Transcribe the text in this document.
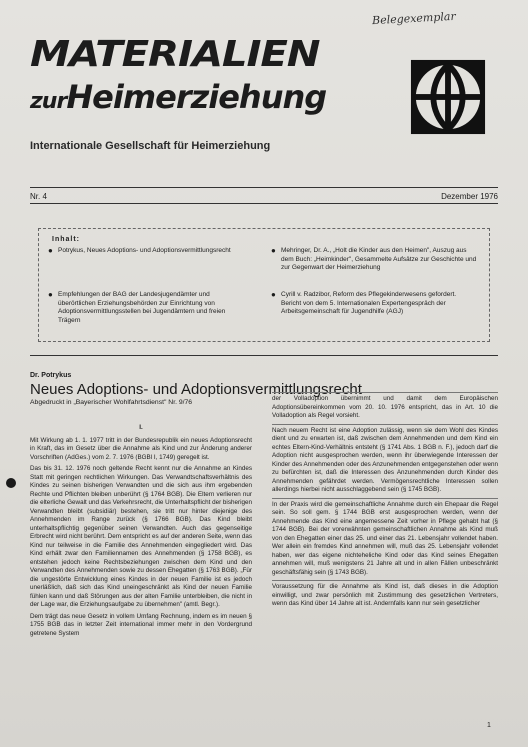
Belegexemplar
MATERIALIEN
zurHeimerziehung
Internationale Gesellschaft für Heimerziehung
Nr. 4	Dezember 1976
Inhalt:
● Potrykus, Neues Adoptions- und Adoptionsvermittlungsrecht
● Empfehlungen der BAG der Landesjugendämter und überörtlichen Erziehungsbehörden zur Einrichtung von Adoptionsvermittlungsstellen bei Jugendämtern und freien Trägern
● Mehringer, Dr. A., „Holt die Kinder aus den Heimen", Auszug aus dem Buch: „Heimkinder", Gesammelte Aufsätze zur Geschichte und zur Gegenwart der Heimerziehung
● Cyrill v. Radzibor, Reform des Pflegekinderwesens gefordert. Bericht von dem 5. Internationalen Expertengespräch der Arbeitsgemeinschaft für Jugendhilfe (AGJ)
Dr. Potrykus
Neues Adoptions- und Adoptionsvermittlungsrecht
Abgedruckt in „Bayerischer Wohlfahrtsdienst" Nr. 9/76

I.

Mit Wirkung ab 1. 1. 1977 tritt in der Bundesrepublik ein neues Adoptionsrecht in Kraft, das im Gesetz über die Annahme als Kind und zur Änderung anderer Vorschriften (AdGes.) vom 2. 7. 1976 (BGBl I, 1749) geregelt ist.

Das bis 31. 12. 1976 noch geltende Recht kennt nur die Annahme an Kindes Statt mit geringen rechtlichen Wirkungen. Das Verwandtschaftsverhältnis des Kindes zu seinen bisherigen Verwandten und die sich aus ihm ergebenden Rechte und Pflichten bleiben unberührt (§ 1764 BGB). Die Eltern verlieren nur die elterliche Gewalt und das Verkehrsrecht, die Unterhaltspflicht der bisherigen Verwandten bleibt (subsidiär) bestehen, sie tritt nur hinter diejenige des Annehmenden im Range zurück (§ 1766 BGB). Das Kind bleibt unterhaltspflichtig gegenüber seinen Verwandten. Auch das gegenseitige Erbrecht wird nicht berührt. Dem entspricht es auf der anderen Seite, wenn das Kind nur teilweise in die Familie des Annehmenden eingegliedert wird. Das Kind erhält zwar den Familiennamen des Annehmenden (§ 1758 BGB), es entstehen jedoch keine Rechtsbeziehungen zwischen dem Kind und den Verwandten des Annehmenden sowie zu dessen Ehegatten (§ 1763 BGB). „Für die ungestörte Entwicklung eines Kindes in der neuen Familie ist es jedoch unerläßlich, daß sich das Kind uneingeschränkt als Kind der neuen Familie fühlen kann und daß Störungen aus der alten Familie unterbleiben, die nicht in der Lage war, die Erziehungsaufgabe zu übernehmen" (amtl. Begr.).

Dem trägt das neue Gesetz in vollem Umfang Rechnung, indem es im neuen § 1755 BGB das in letzter Zeit international immer mehr in den Vordergrund getretene System

der Volladoption übernimmt und damit dem Europäischen Adoptionsübereinkommen vom 20. 10. 1976 entspricht, das in Art. 10 die Volladoption als Regel vorsieht.

Nach neuem Recht ist eine Adoption zulässig, wenn sie dem Wohl des Kindes dient und zu erwarten ist, daß zwischen dem Annehmenden und dem Kind ein echtes Eltern-Kind-Verhältnis entsteht (§ 1741 Abs. 1 BGB n. F.), jedoch darf die Adoption nicht ausgesprochen werden, wenn ihr überwiegende Interessen der Kinder des Annehmenden oder des Anzunehmenden entgegenstehen oder wenn zu befürchten ist, daß die Interessen des Anzunehmenden durch Kinder des Annehmenden gefährdet werden. Vermögensrechtliche Interessen sollen allerdings hierbei nicht ausschlaggebend sein (§ 1745 BGB).

In der Praxis wird die gemeinschaftliche Annahme durch ein Ehepaar die Regel sein. So soll gem. § 1744 BGB erst ausgesprochen werden, wenn der Annehmende das Kind eine angemessene Zeit vorher in Pflege gehabt hat (§ 1744 BGB). Bei der vorerwähnten gemeinschaftlichen Annahme als Kind muß von den Ehegatten einer das 25. und einer das 21. Lebensjahr vollendet haben. Wer allein ein fremdes Kind annehmen will, muß das 25. Lebensjahr vollendet haben, wer das eigene nichteheliche Kind oder das Kind seines Ehegatten annehmen will, muß wenigstens 21 Jahre alt und in allen Fällen unbeschränkt geschäftsfähig sein (§ 1743 BGB).

Voraussetzung für die Annahme als Kind ist, daß dieses in die Adoption einwilligt, und zwar persönlich mit Zustimmung des gesetzlichen Vertreters, wenn das Kind über 14 Jahre alt ist. Andernfalls kann nur sein gesetzlicher

1
